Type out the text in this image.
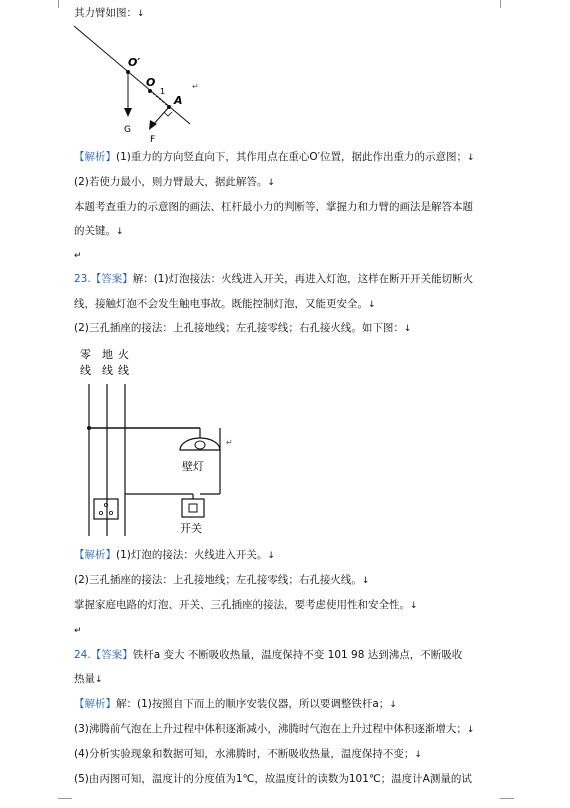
其力臂如图：↓
O′
O
1
A
G
F
↵
【解析】(1)重力的方向竖直向下，其作用点在重心O′位置，据此作出重力的示意图；↓
(2)若使力最小，则力臂最大，据此解答。↓
本题考查重力的示意图的画法、杠杆最小力的判断等，掌握力和力臂的画法是解答本题
的关键。↓
↵
23.【答案】解：(1)灯泡接法：火线进入开关，再进入灯泡，这样在断开开关能切断火
线，接触灯泡不会发生触电事故。既能控制灯泡，又能更安全。↓
(2)三孔插座的接法：上孔接地线；左孔接零线；右孔接火线。如下图：↓
零
线
地
线
火
线
壁灯
开关
↵
【解析】(1)灯泡的接法：火线进入开关。↓
(2)三孔插座的接法：上孔接地线；左孔接零线；右孔接火线。↓
掌握家庭电路的灯泡、开关、三孔插座的接法，要考虑使用性和安全性。↓
↵
24.【答案】铁杆a 变大 不断吸收热量，温度保持不变 101 98 达到沸点，不断吸收
热量↓
【解析】解：(1)按照自下而上的顺序安装仪器，所以要调整铁杆a；↓
(3)沸腾前气泡在上升过程中体积逐渐减小，沸腾时气泡在上升过程中体积逐渐增大；↓
(4)分析实验现象和数据可知，水沸腾时，不断吸收热量，温度保持不变；↓
(5)由丙图可知，温度计的分度值为1℃，故温度计的读数为101℃；温度计A测量的试
